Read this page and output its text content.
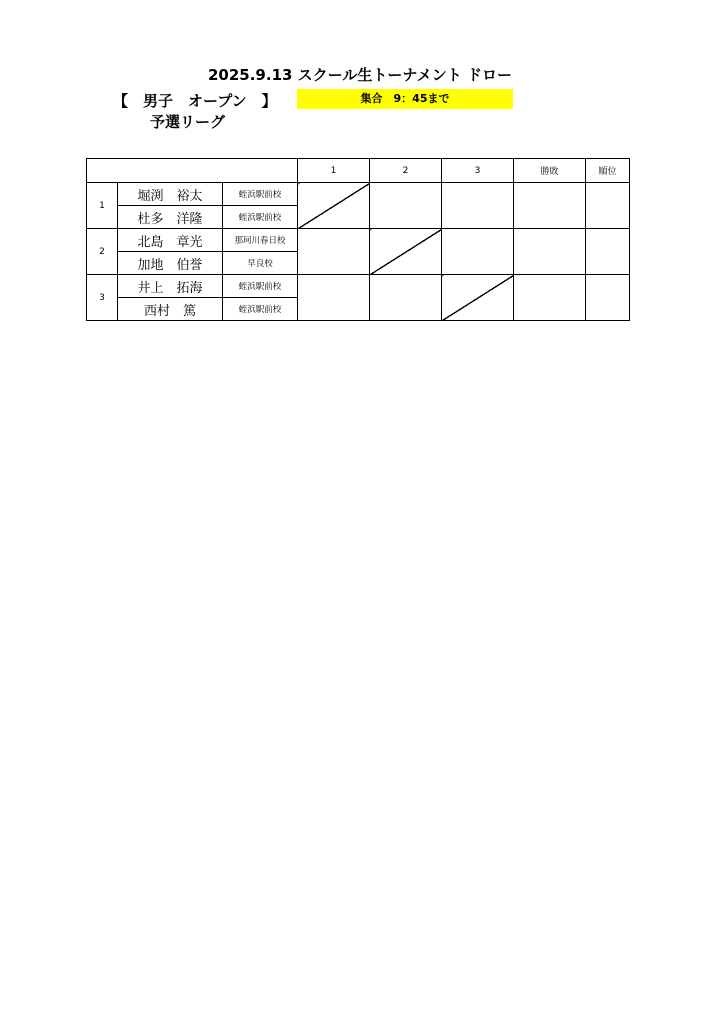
2025.9.13 スクール生トーナメント ドロー
【　男子　オープン　】	集合　9：45まで
予選リーグ
			1	2	3	勝敗	順位
1	堀渕　裕太	蛭浜駅前校					
	杜多　洋隆	蛭浜駅前校					
2	北島　章光	那珂川春日校					
	加地　伯誉	早良校					
3	井上　拓海	蛭浜駅前校					
	西村　篤	蛭浜駅前校					
